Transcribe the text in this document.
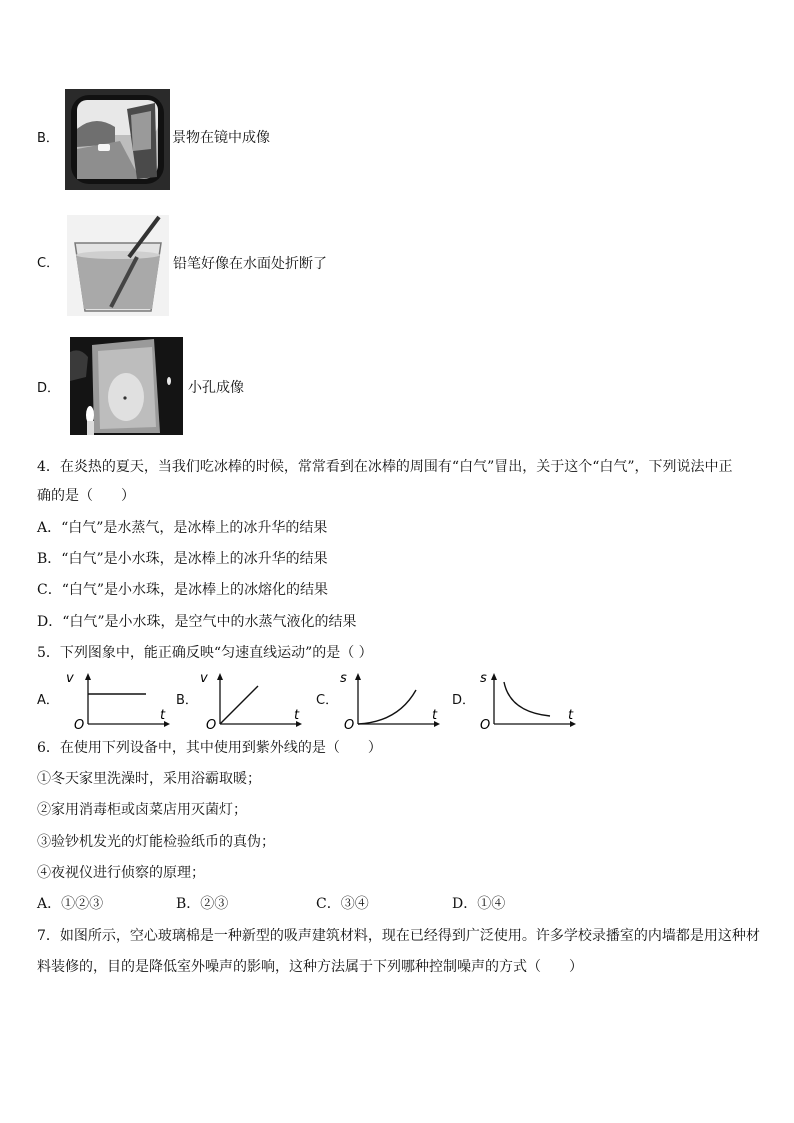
B．	景物在镜中成像
C．	铅笔好像在水面处折断了
D．	小孔成像
4．在炎热的夏天，当我们吃冰棒的时候，常常看到在冰棒的周围有“白气”冒出，关于这个“白气”，下列说法中正
确的是（　　）
A．“白气”是水蒸气，是冰棒上的冰升华的结果
B．“白气”是小水珠，是冰棒上的冰升华的结果
C．“白气”是小水珠，是冰棒上的冰熔化的结果
D．“白气”是小水珠，是空气中的水蒸气液化的结果
5．下列图象中，能正确反映“匀速直线运动”的是（ ）
A．
v
O
t
B．
v
O
t
C．
s
O
t
D．
s
O
t
6．在使用下列设备中，其中使用到紫外线的是（　　）
①冬天家里洗澡时，采用浴霸取暖；
②家用消毒柜或卤菜店用灭菌灯；
③验钞机发光的灯能检验纸币的真伪；
④夜视仪进行侦察的原理；
A．①②③	B．②③	C．③④	D．①④
7．如图所示，空心玻璃棉是一种新型的吸声建筑材料，现在已经得到广泛使用。许多学校录播室的内墙都是用这种材
料装修的，目的是降低室外噪声的影响，这种方法属于下列哪种控制噪声的方式（　　）
